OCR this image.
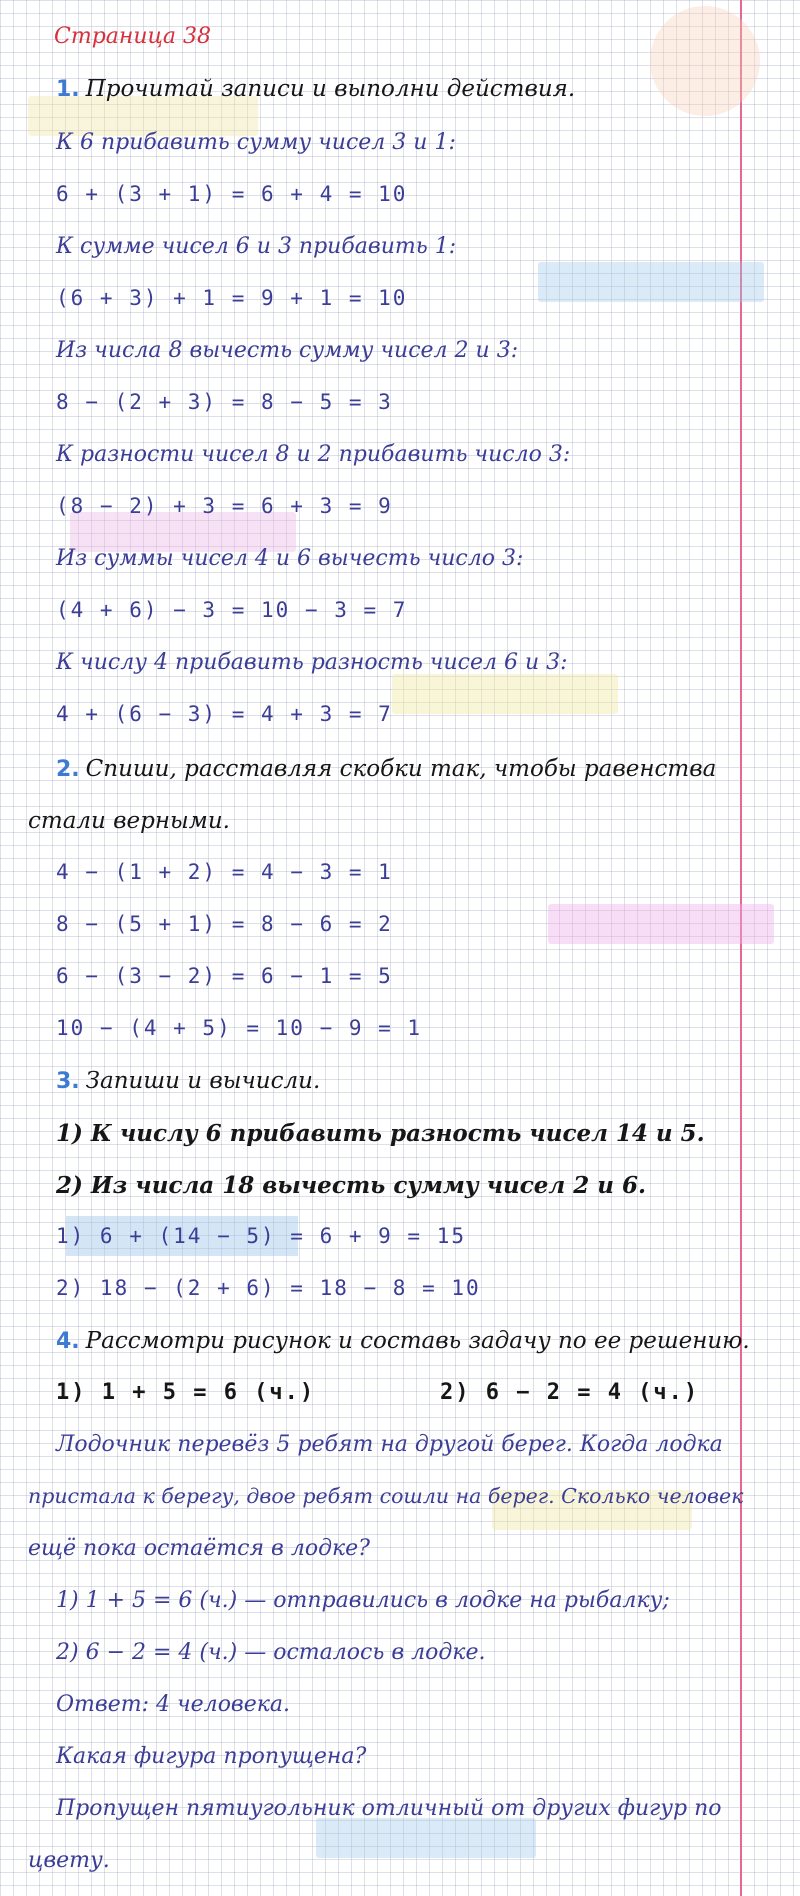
Страница 38
1. Прочитай записи и выполни действия.
К 6 прибавить сумму чисел 3 и 1:
6 + (3 + 1) = 6 + 4 = 10
К сумме чисел 6 и 3 прибавить 1:
(6 + 3) + 1 = 9 + 1 = 10
Из числа 8 вычесть сумму чисел 2 и 3:
8 − (2 + 3) = 8 − 5 = 3
К разности чисел 8 и 2 прибавить число 3:
(8 − 2) + 3 = 6 + 3 = 9
Из суммы чисел 4 и 6 вычесть число 3:
(4 + 6) − 3 = 10 − 3 = 7
К числу 4 прибавить разность чисел 6 и 3:
4 + (6 − 3) = 4 + 3 = 7
2. Спиши, расставляя скобки так, чтобы равенства
стали верными.
4 − (1 + 2) = 4 − 3 = 1
8 − (5 + 1) = 8 − 6 = 2
6 − (3 − 2) = 6 − 1 = 5
10 − (4 + 5) = 10 − 9 = 1
3. Запиши и вычисли.
1) К числу 6 прибавить разность чисел 14 и 5.
2) Из числа 18 вычесть сумму чисел 2 и 6.
1) 6 + (14 − 5) = 6 + 9 = 15
2) 18 − (2 + 6) = 18 − 8 = 10
4. Рассмотри рисунок и составь задачу по ее решению.
1) 1 + 5 = 6 (ч.)	2) 6 − 2 = 4 (ч.)
Лодочник перевёз 5 ребят на другой берег. Когда лодка
пристала к берегу, двое ребят сошли на берег. Сколько человек
ещё пока остаётся в лодке?
1) 1 + 5 = 6 (ч.) — отправились в лодке на рыбалку;
2) 6 − 2 = 4 (ч.) — осталось в лодке.
Ответ: 4 человека.
Какая фигура пропущена?
Пропущен пятиугольник отличный от других фигур по
цвету.
